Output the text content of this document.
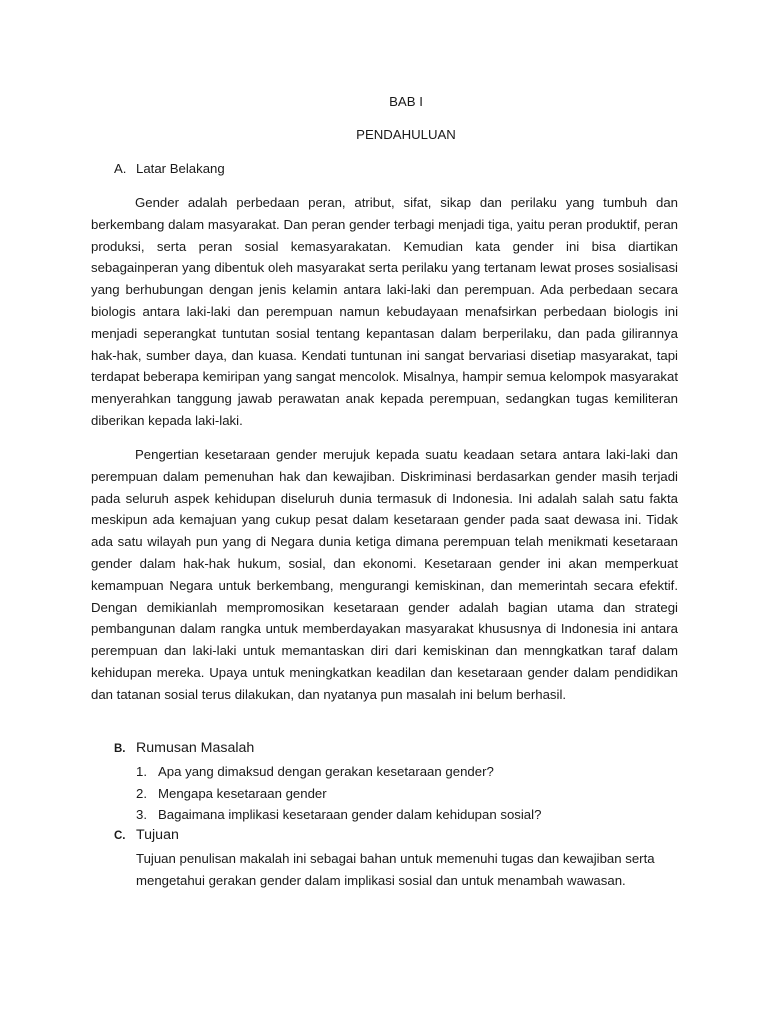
BAB I
PENDAHULUAN
A. Latar Belakang

Gender adalah perbedaan peran, atribut, sifat, sikap dan perilaku yang tumbuh dan berkembang dalam masyarakat. Dan peran gender terbagi menjadi tiga, yaitu peran produktif, peran produksi, serta peran sosial kemasyarakatan. Kemudian kata gender ini bisa diartikan sebagainperan yang dibentuk oleh masyarakat serta perilaku yang tertanam lewat proses sosialisasi yang berhubungan dengan jenis kelamin antara laki-laki dan perempuan. Ada perbedaan secara biologis antara laki-laki dan perempuan namun kebudayaan menafsirkan perbedaan biologis ini menjadi seperangkat tuntutan sosial tentang kepantasan dalam berperilaku, dan pada gilirannya hak-hak, sumber daya, dan kuasa. Kendati tuntunan ini sangat bervariasi disetiap masyarakat, tapi terdapat beberapa kemiripan yang sangat mencolok. Misalnya, hampir semua kelompok masyarakat menyerahkan tanggung jawab perawatan anak kepada perempuan, sedangkan tugas kemiliteran diberikan kepada laki-laki.

Pengertian kesetaraan gender merujuk kepada suatu keadaan setara antara laki-laki dan perempuan dalam pemenuhan hak dan kewajiban. Diskriminasi berdasarkan gender masih terjadi pada seluruh aspek kehidupan diseluruh dunia termasuk di Indonesia. Ini adalah salah satu fakta meskipun ada kemajuan yang cukup pesat dalam kesetaraan gender pada saat dewasa ini. Tidak ada satu wilayah pun yang di Negara dunia ketiga dimana perempuan telah menikmati kesetaraan gender dalam hak-hak hukum, sosial, dan ekonomi. Kesetaraan gender ini akan memperkuat kemampuan Negara untuk berkembang, mengurangi kemiskinan, dan memerintah secara efektif. Dengan demikianlah mempromosikan kesetaraan gender adalah bagian utama dan strategi pembangunan dalam rangka untuk memberdayakan masyarakat khususnya di Indonesia ini antara perempuan dan laki-laki untuk memantaskan diri dari kemiskinan dan menngkatkan taraf dalam kehidupan mereka. Upaya untuk meningkatkan keadilan dan kesetaraan gender dalam pendidikan dan tatanan sosial terus dilakukan, dan nyatanya pun masalah ini belum berhasil.

B. Rumusan Masalah
1. Apa yang dimaksud dengan gerakan kesetaraan gender?
2. Mengapa kesetaraan gender
3. Bagaimana implikasi kesetaraan gender dalam kehidupan sosial?
C. Tujuan

Tujuan penulisan makalah ini sebagai bahan untuk memenuhi tugas dan kewajiban serta mengetahui gerakan gender dalam implikasi sosial dan untuk menambah wawasan.
